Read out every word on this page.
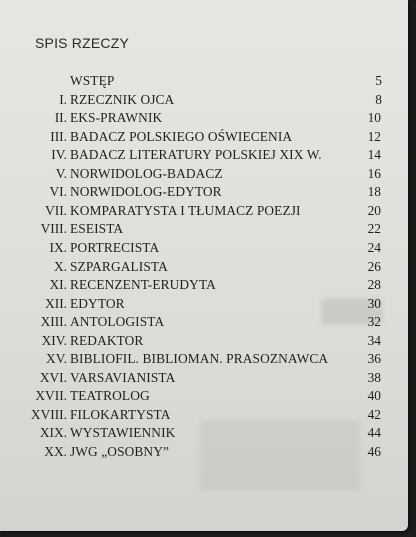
SPIS RZECZY
WSTĘP	5
I. RZECZNIK OJCA	8
II. EKS-PRAWNIK	10
III. BADACZ POLSKIEGO OŚWIECENIA	12
IV. BADACZ LITERATURY POLSKIEJ XIX W.	14
V. NORWIDOLOG-BADACZ	16
VI. NORWIDOLOG-EDYTOR	18
VII. KOMPARATYSTA I TŁUMACZ POEZJI	20
VIII. ESEISTA	22
IX. PORTRECISTA	24
X. SZPARGALISTA	26
XI. RECENZENT-ERUDYTA	28
XII. EDYTOR	30
XIII. ANTOLOGISTA	32
XIV. REDAKTOR	34
XV. BIBLIOFIL. BIBLIOMAN. PRASOZNAWCA	36
XVI. VARSAVIANISTA	38
XVII. TEATROLOG	40
XVIII. FILOKARTYSTA	42
XIX. WYSTAWIENNIK	44
XX. JWG „OSOBNY”	46
